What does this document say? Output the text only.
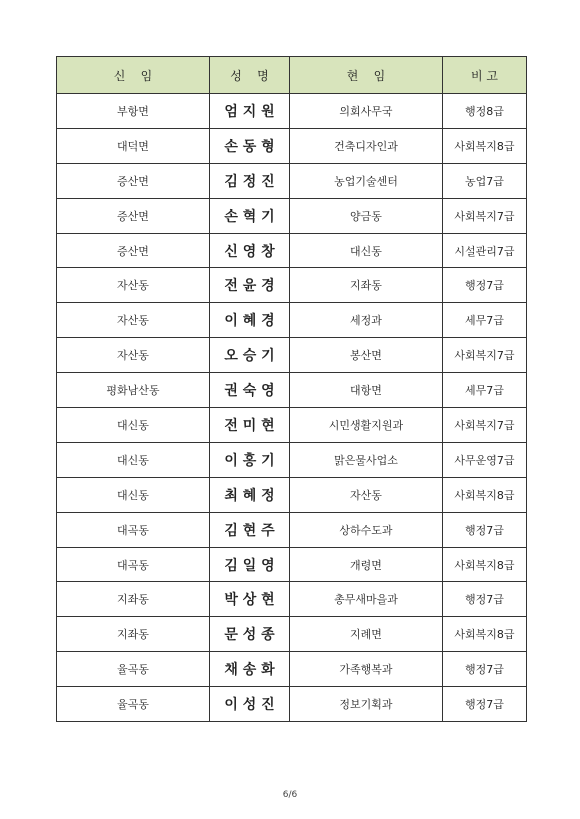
신    임	성    명	현    임	비 고
부항면	엄 지 원	의회사무국	행정8급
대덕면	손 동 형	건축디자인과	사회복지8급
증산면	김 정 진	농업기술센터	농업7급
증산면	손 혁 기	양금동	사회복지7급
증산면	신 영 창	대신동	시설관리7급
자산동	전 윤 경	지좌동	행정7급
자산동	이 혜 경	세정과	세무7급
자산동	오 승 기	봉산면	사회복지7급
평화남산동	권 숙 영	대항면	세무7급
대신동	전 미 현	시민생활지원과	사회복지7급
대신동	이 홍 기	맑은물사업소	사무운영7급
대신동	최 혜 정	자산동	사회복지8급
대곡동	김 현 주	상하수도과	행정7급
대곡동	김 일 영	개령면	사회복지8급
지좌동	박 상 현	총무새마을과	행정7급
지좌동	문 성 종	지례면	사회복지8급
율곡동	채 송 화	가족행복과	행정7급
율곡동	이 성 진	정보기획과	행정7급
6/6
